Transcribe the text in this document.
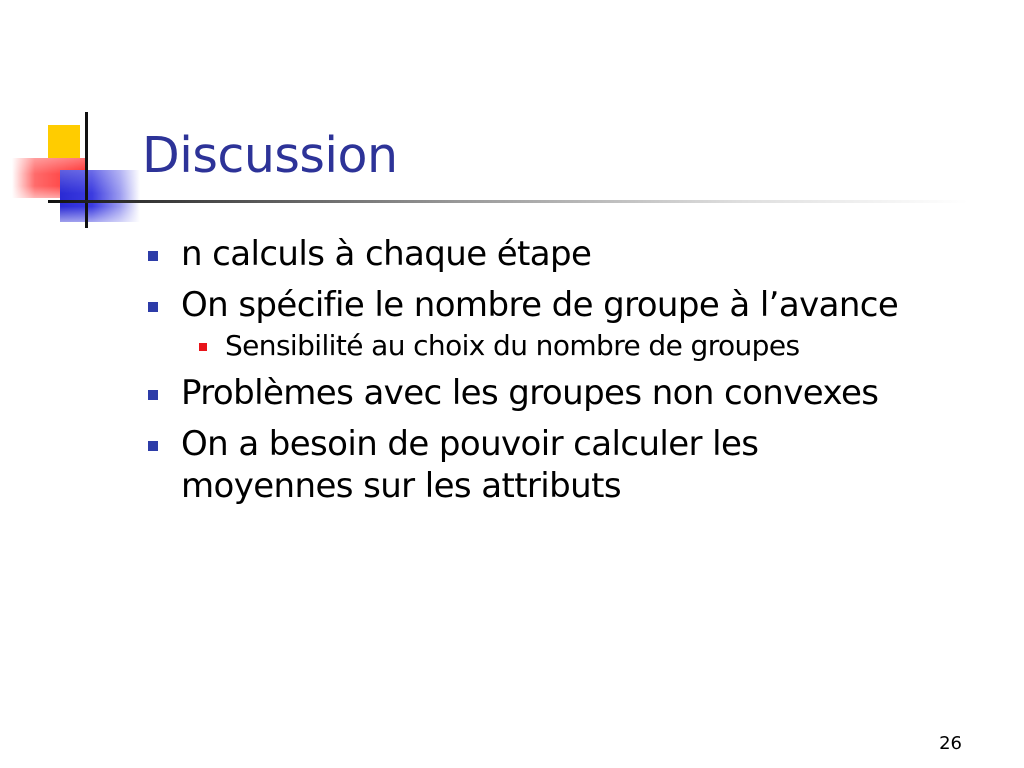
Discussion
n calculs à chaque étape
On spécifie le nombre de groupe à l’avance
Sensibilité au choix du nombre de groupes
Problèmes avec les groupes non convexes
On a besoin de pouvoir calculer les moyennes sur les attributs
26
